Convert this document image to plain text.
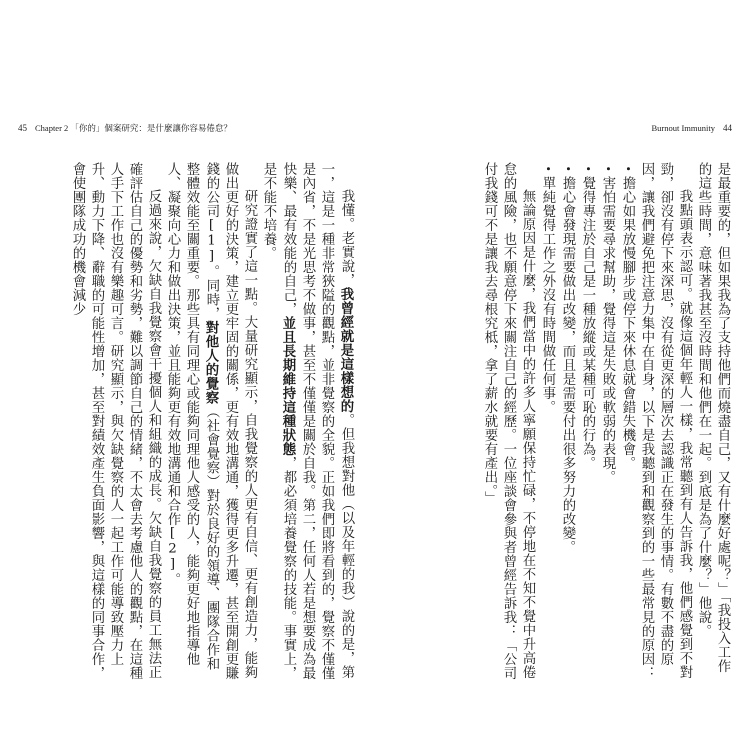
45 Chapter 2 「你的」個案研究：是什麼讓你容易倦怠？	Burnout Immunity 44

是最重要的，但如果我為了支持他們而燒盡自己，又有什麼好處呢？」「我投入工作的這些時間，意味著我甚至沒時間和他們在一起。到底是為了什麼？」他說。

我點頭表示認可。就像這個年輕人一樣，我常聽到有人告訴我，他們感覺到不對勁，卻沒有停下來深思，沒有從更深的層次去認識正在發生的事情。有數不盡的原因，讓我們避免把注意力集中在自身，以下是我聽到和觀察到的一些最常見的原因：

・擔心如果放慢腳步或停下來休息就會錯失機會。

・害怕需要尋求幫助，覺得這是失敗或軟弱的表現。

・覺得專注於自己是一種放縱或某種可恥的行為。

・擔心會發現需要做出改變，而且是需要付出很多努力的改變。

・單純覺得工作之外沒有時間做任何事。

無論原因是什麼，我們當中的許多人寧願保持忙碌，不停地在不知不覺中升高倦怠的風險，也不願意停下來關注自己的經歷。一位座談會參與者曾經告訴我：「公司付我錢可不是讓我去尋根究柢，拿了薪水就要有產出。」

我懂。老實說，我曾經就是這樣想的。但我想對他（以及年輕的我）說的是，第一，這是一種非常狹隘的觀點，並非覺察的全貌。正如我們即將看到的，覺察不僅僅是內省，不是光思考不做事，甚至不僅僅是關於自我。第二，任何人若是想要成為最快樂、最有效能的自己，並且長期維持這種狀態，都必須培養覺察的技能。事實上，是不能不培養。

研究證實了這一點。大量研究顯示，自我覺察的人更有自信、更有創造力，能夠做出更好的決策，建立更牢固的關係，更有效地溝通，獲得更多升遷，甚至開創更賺錢的公司[1]。同時，對他人的覺察（社會覺察）對於良好的領導、團隊合作和整體效能至關重要。那些具有同理心或能夠同理他人感受的人，能夠更好地指導他人、凝聚向心力和做出決策，並且能夠更有效地溝通和合作[2]。

反過來說，欠缺自我覺察會干擾個人和組織的成長。欠缺自我覺察的員工無法正確評估自己的優勢和劣勢，難以調節自己的情緒，不太會去考慮他人的觀點，在這種人手下工作也沒有樂趣可言。研究顯示，與欠缺覺察的人一起工作可能導致壓力上升、動力下降、辭職的可能性增加，甚至對績效產生負面影響，與這樣的同事合作，會使團隊成功的機會減少
